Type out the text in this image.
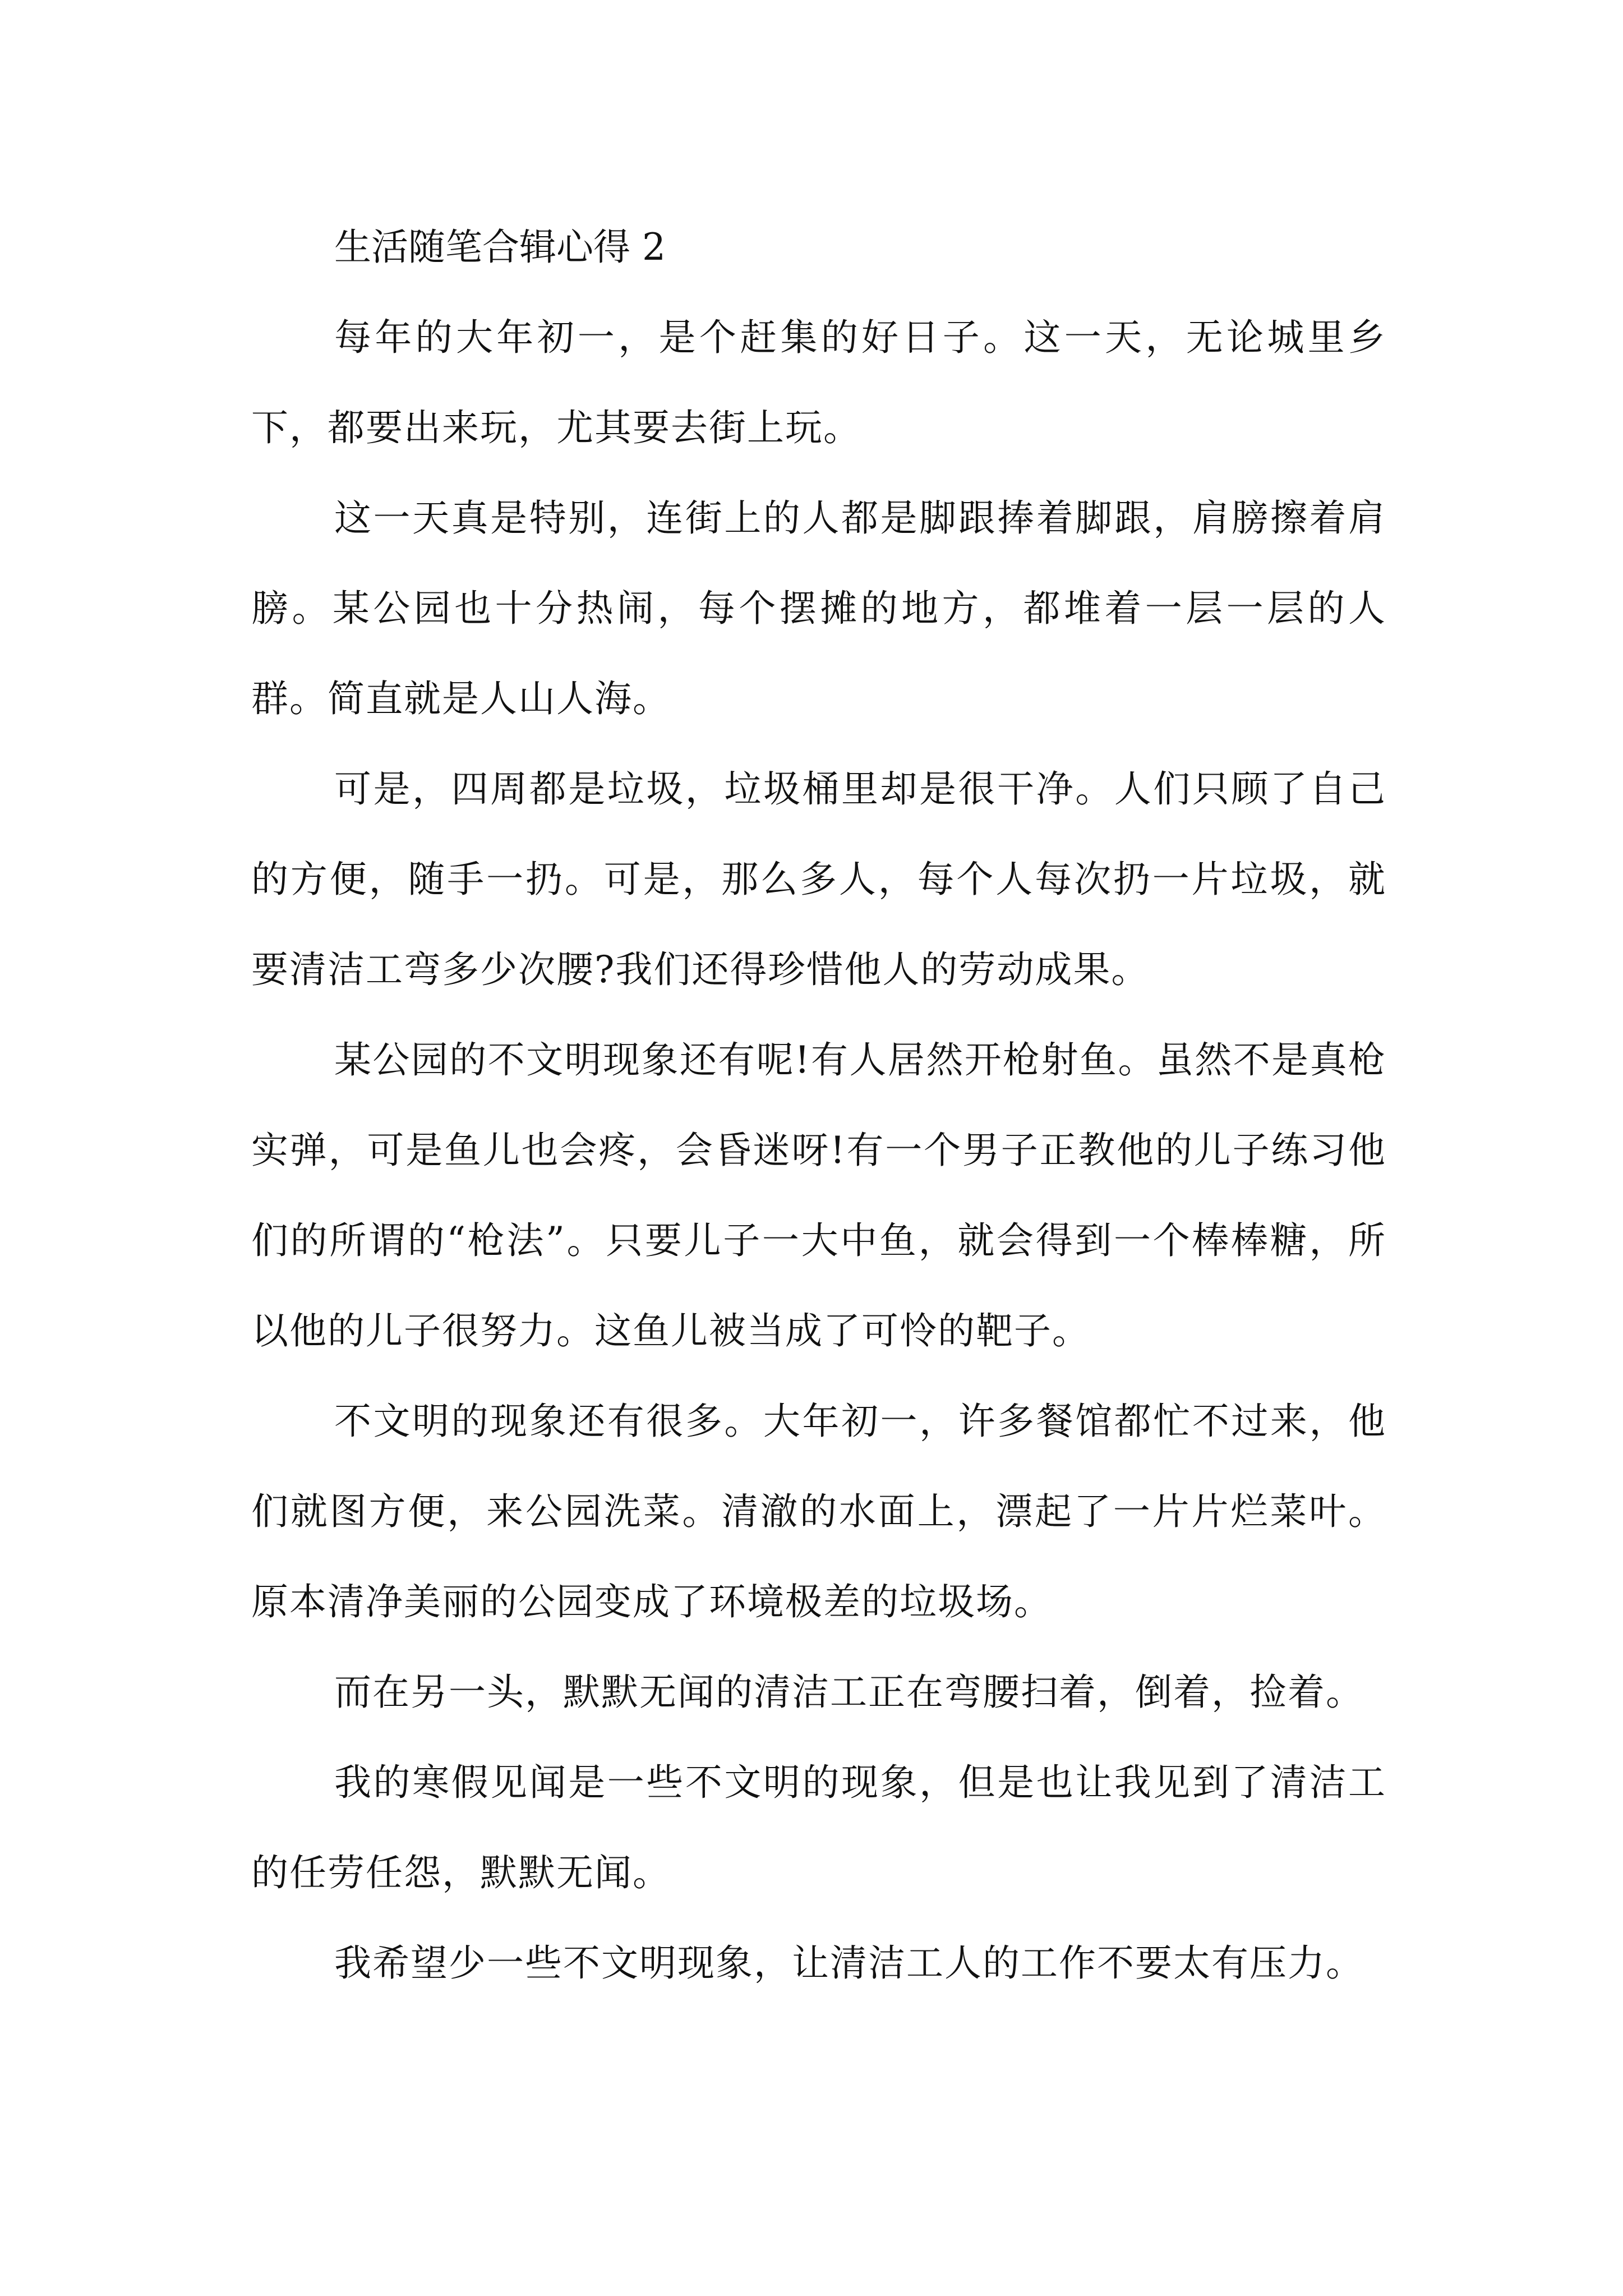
生活随笔合辑心得 2

每年的大年初一，是个赶集的好日子。这一天，无论城里乡下，都要出来玩，尤其要去街上玩。

这一天真是特别，连街上的人都是脚跟捧着脚跟，肩膀擦着肩膀。某公园也十分热闹，每个摆摊的地方，都堆着一层一层的人群。简直就是人山人海。

可是，四周都是垃圾，垃圾桶里却是很干净。人们只顾了自己的方便，随手一扔。可是，那么多人，每个人每次扔一片垃圾，就要清洁工弯多少次腰?我们还得珍惜他人的劳动成果。

某公园的不文明现象还有呢!有人居然开枪射鱼。虽然不是真枪实弹，可是鱼儿也会疼，会昏迷呀!有一个男子正教他的儿子练习他们的所谓的“枪法”。只要儿子一大中鱼，就会得到一个棒棒糖，所以他的儿子很努力。这鱼儿被当成了可怜的靶子。

不文明的现象还有很多。大年初一，许多餐馆都忙不过来，他们就图方便，来公园洗菜。清澈的水面上，漂起了一片片烂菜叶。原本清净美丽的公园变成了环境极差的垃圾场。

而在另一头，默默无闻的清洁工正在弯腰扫着，倒着，捡着。

我的寒假见闻是一些不文明的现象，但是也让我见到了清洁工的任劳任怨，默默无闻。

我希望少一些不文明现象，让清洁工人的工作不要太有压力。
